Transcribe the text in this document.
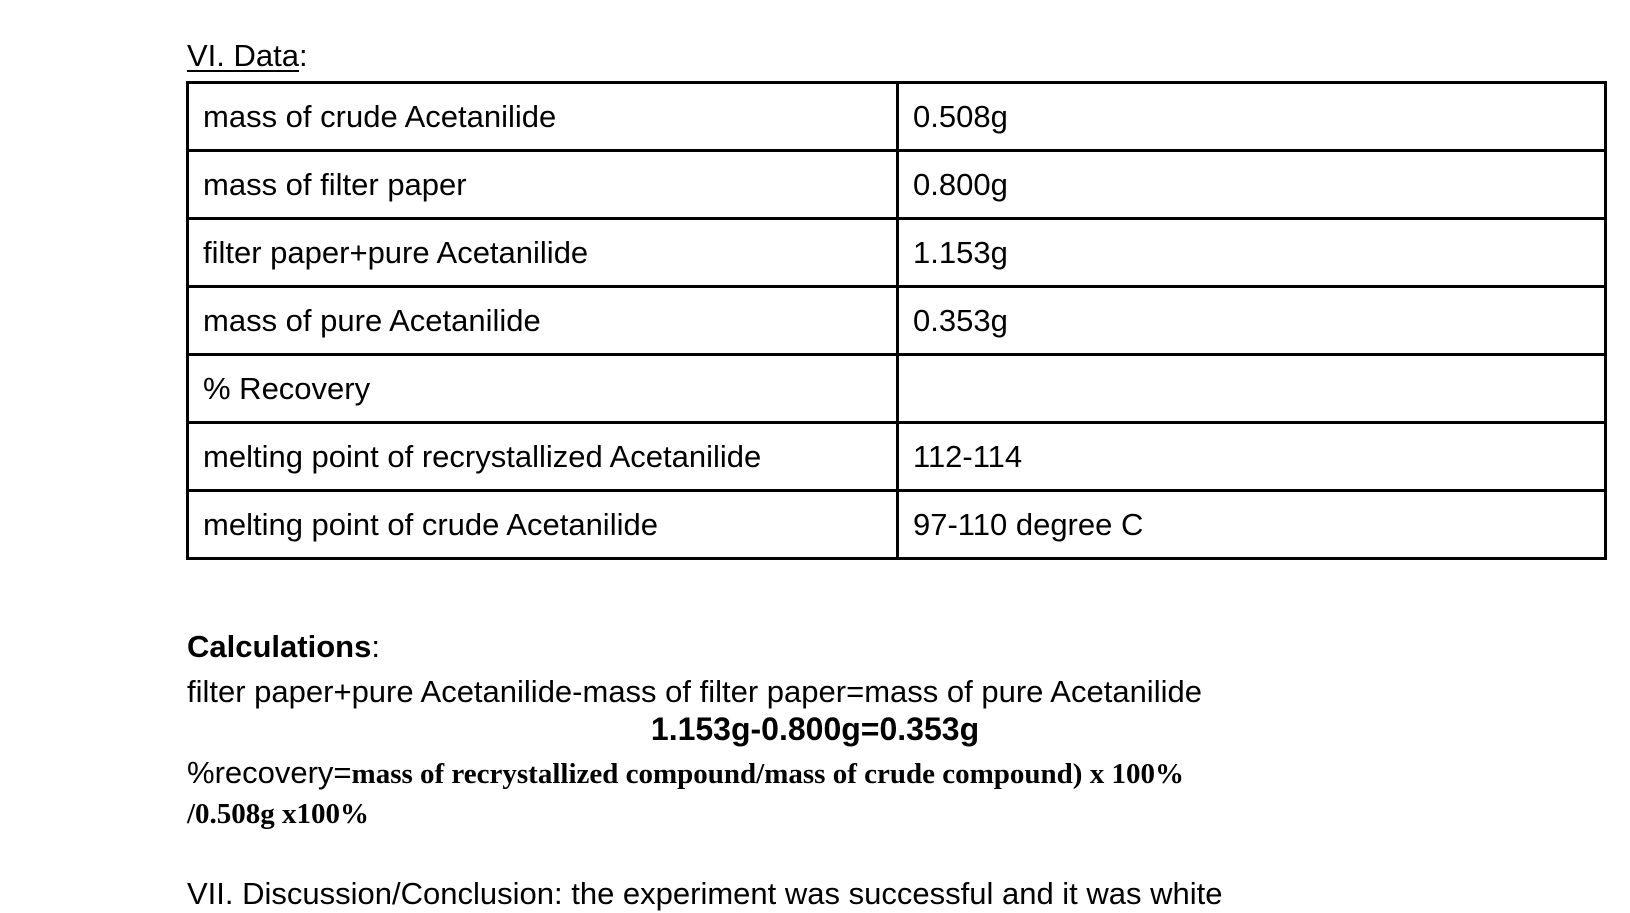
VI. Data:
mass of crude Acetanilide	0.508g
mass of filter paper	0.800g
filter paper+pure Acetanilide	1.153g
mass of pure Acetanilide	0.353g
% Recovery	
melting point of recrystallized Acetanilide	112-114
melting point of crude Acetanilide	97-110 degree C
Calculations:
filter paper+pure Acetanilide-mass of filter paper=mass of pure Acetanilide
1.153g-0.800g=0.353g
%recovery=mass of recrystallized compound/mass of crude compound) x 100%
/0.508g x100%
VII. Discussion/Conclusion: the experiment was successful and it was white
